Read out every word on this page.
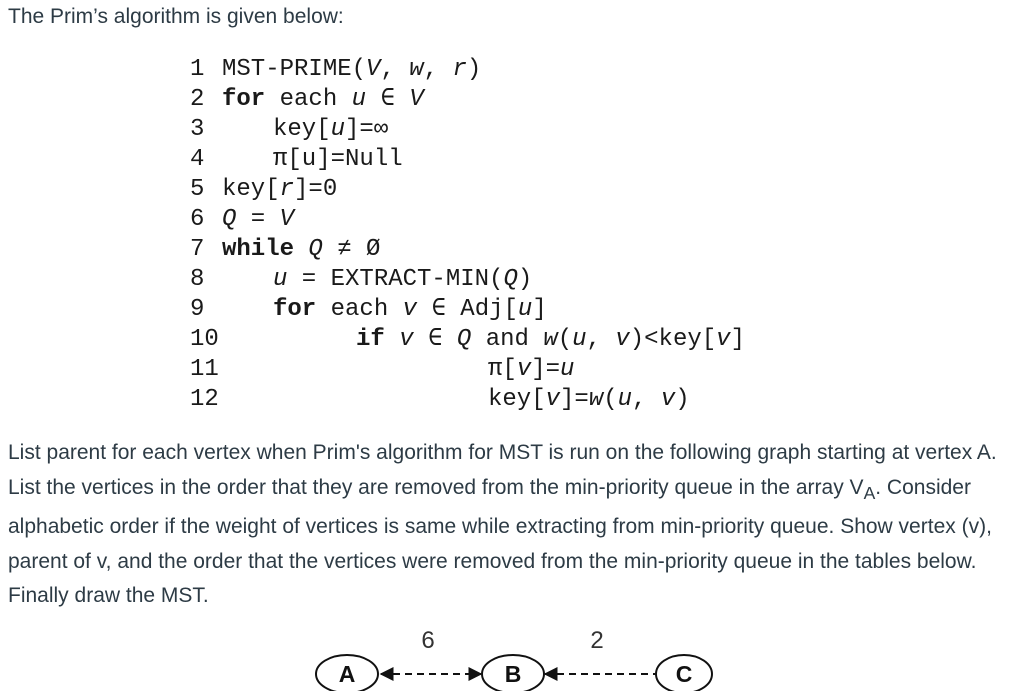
The Prim’s algorithm is given below:
1 MST-PRIME(V, w, r)
2 for each u ∈ V
3	key[u]=∞
4	π[u]=Null
5 key[r]=0
6 Q = V
7 while Q ≠ Ø
8	u = EXTRACT-MIN(Q)
9	for each v ∈ Adj[u]
10	if v ∈ Q and w(u, v)<key[v]
11	π[v]=u
12	key[v]=w(u, v)

List parent for each vertex when Prim's algorithm for MST is run on the following graph starting at vertex A. List the vertices in the order that they are removed from the min-priority queue in the array $V_A$. Consider alphabetic order if the weight of vertices is same while extracting from min-priority queue. Show vertex (v), parent of v, and the order that the vertices were removed from the min-priority queue in the tables below. Finally draw the MST.

6	2
A	B	C
